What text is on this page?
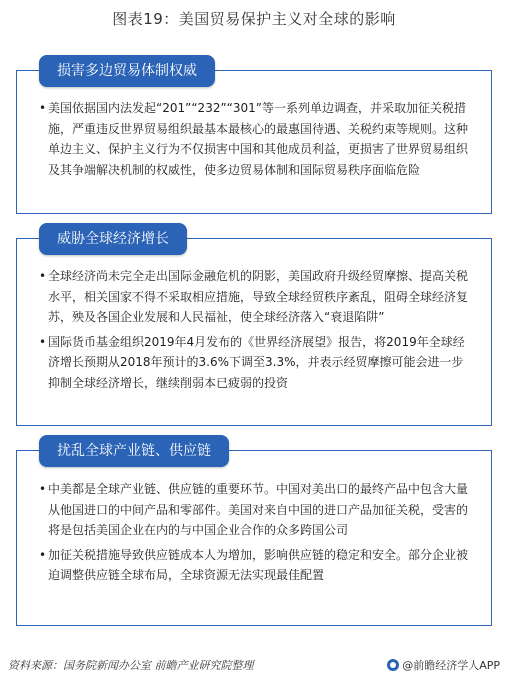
图表19：美国贸易保护主义对全球的影响
损害多边贸易体制权威

• 美国依据国内法发起“201”“232”“301”等一系列单边调查，并采取加征关税措施，严重违反世界贸易组织最基本最核心的最惠国待遇、关税约束等规则。这种单边主义、保护主义行为不仅损害中国和其他成员利益，更损害了世界贸易组织及其争端解决机制的权威性，使多边贸易体制和国际贸易秩序面临危险

威胁全球经济增长

• 全球经济尚未完全走出国际金融危机的阴影，美国政府升级经贸摩擦、提高关税水平，相关国家不得不采取相应措施，导致全球经贸秩序紊乱，阻碍全球经济复苏，殃及各国企业发展和人民福祉，使全球经济落入“衰退陷阱”

• 国际货币基金组织2019年4月发布的《世界经济展望》报告，将2019年全球经济增长预期从2018年预计的3.6%下调至3.3%，并表示经贸摩擦可能会进一步抑制全球经济增长，继续削弱本已疲弱的投资

扰乱全球产业链、供应链

• 中美都是全球产业链、供应链的重要环节。中国对美出口的最终产品中包含大量从他国进口的中间产品和零部件。美国对来自中国的进口产品加征关税，受害的将是包括美国企业在内的与中国企业合作的众多跨国公司

• 加征关税措施导致供应链成本人为增加，影响供应链的稳定和安全。部分企业被迫调整供应链全球布局，全球资源无法实现最佳配置

资料来源：国务院新闻办公室 前瞻产业研究院整理	@前瞻经济学人APP
